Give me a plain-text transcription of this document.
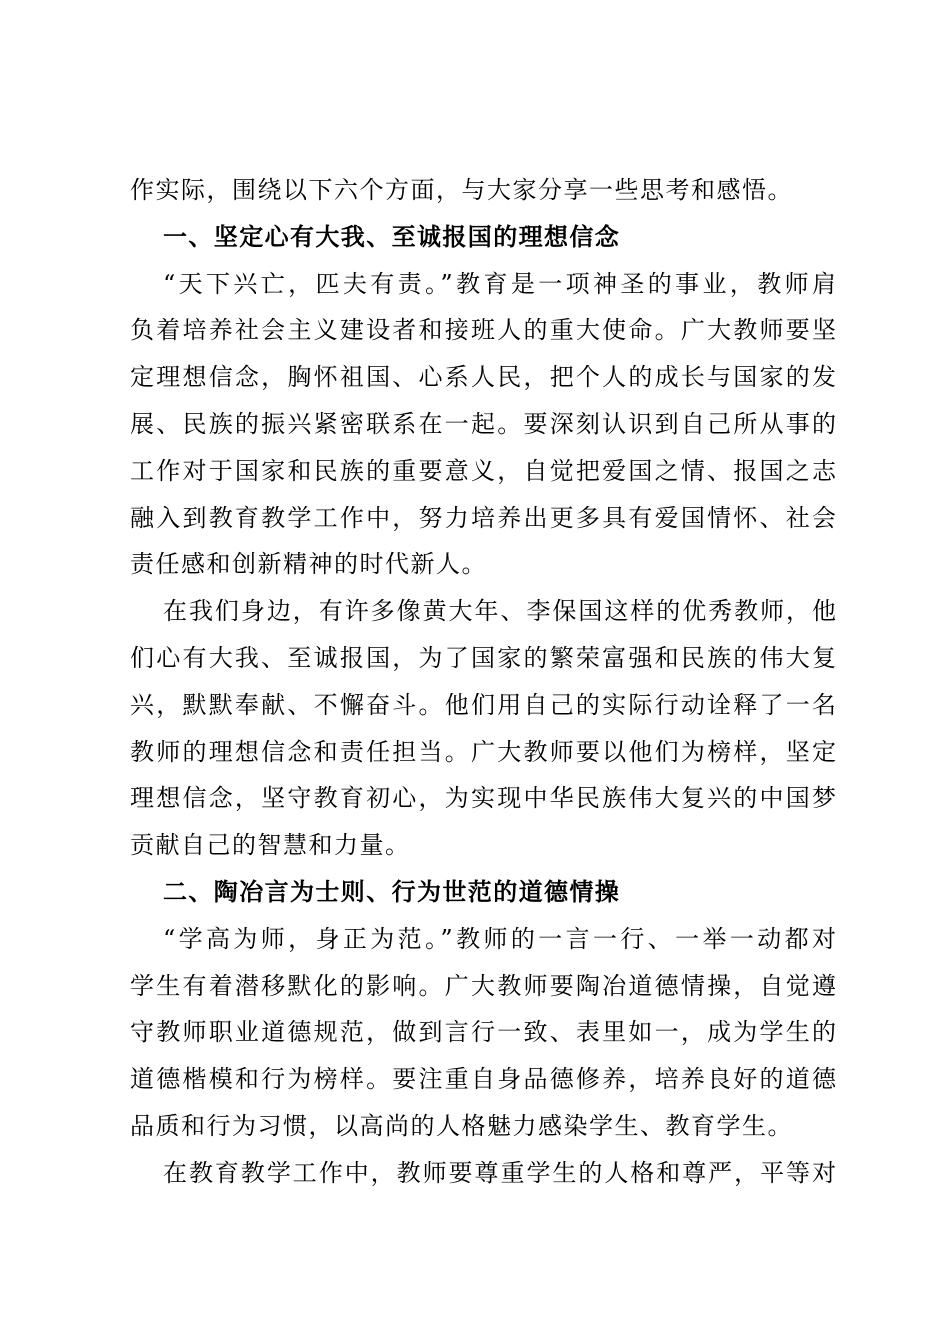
作实际，围绕以下六个方面，与大家分享一些思考和感悟。
一、坚定心有大我、至诚报国的理想信念
“天下兴亡，匹夫有责。”教育是一项神圣的事业，教师肩
负着培养社会主义建设者和接班人的重大使命。广大教师要坚
定理想信念，胸怀祖国、心系人民，把个人的成长与国家的发
展、民族的振兴紧密联系在一起。要深刻认识到自己所从事的
工作对于国家和民族的重要意义，自觉把爱国之情、报国之志
融入到教育教学工作中，努力培养出更多具有爱国情怀、社会
责任感和创新精神的时代新人。
在我们身边，有许多像黄大年、李保国这样的优秀教师，他
们心有大我、至诚报国，为了国家的繁荣富强和民族的伟大复
兴，默默奉献、不懈奋斗。他们用自己的实际行动诠释了一名
教师的理想信念和责任担当。广大教师要以他们为榜样，坚定
理想信念，坚守教育初心，为实现中华民族伟大复兴的中国梦
贡献自己的智慧和力量。
二、陶冶言为士则、行为世范的道德情操
“学高为师，身正为范。”教师的一言一行、一举一动都对
学生有着潜移默化的影响。广大教师要陶冶道德情操，自觉遵
守教师职业道德规范，做到言行一致、表里如一，成为学生的
道德楷模和行为榜样。要注重自身品德修养，培养良好的道德
品质和行为习惯，以高尚的人格魅力感染学生、教育学生。
在教育教学工作中，教师要尊重学生的人格和尊严，平等对
